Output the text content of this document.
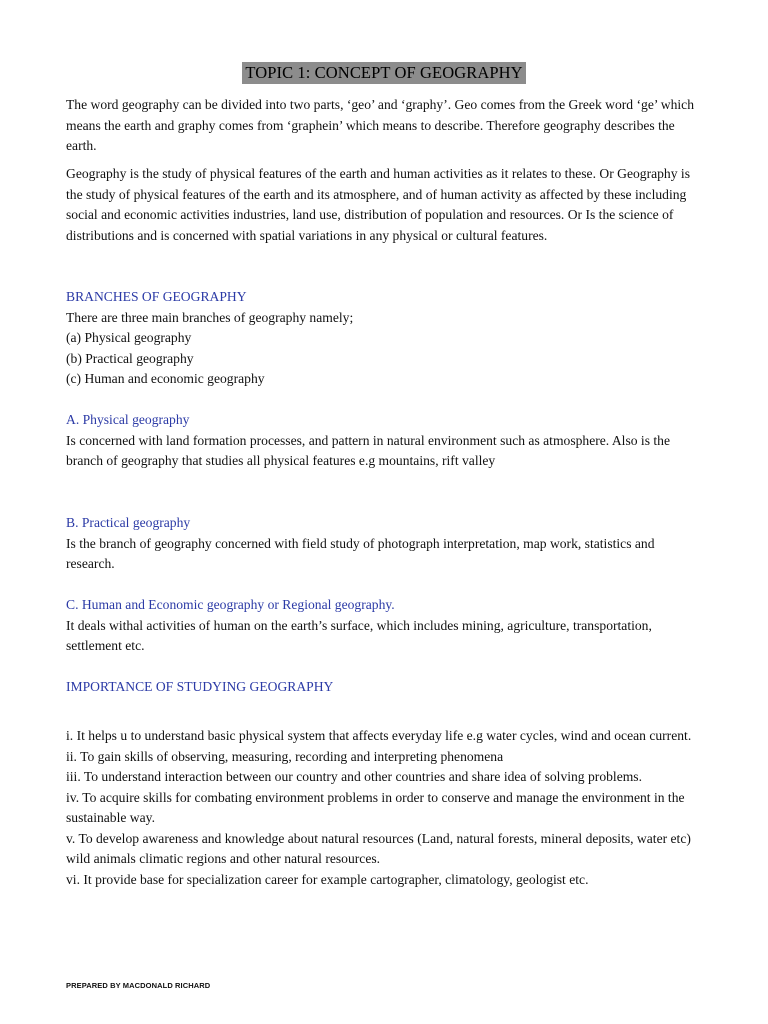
TOPIC 1: CONCEPT OF GEOGRAPHY

The word geography can be divided into two parts, ‘geo’ and ‘graphy’. Geo comes from the Greek word ‘ge’ which means the earth and graphy comes from ‘graphein’ which means to describe. Therefore geography describes the earth.

Geography is the study of physical features of the earth and human activities as it relates to these. Or Geography is the study of physical features of the earth and its atmosphere, and of human activity as affected by these including social and economic activities industries, land use, distribution of population and resources. Or Is the science of distributions and is concerned with spatial variations in any physical or cultural features.

BRANCHES OF GEOGRAPHY

There are three main branches of geography namely;

(a) Physical geography

(b) Practical geography

(c) Human and economic geography

A. Physical geography

Is concerned with land formation processes, and pattern in natural environment such as atmosphere. Also is the branch of geography that studies all physical features e.g mountains, rift valley

B. Practical geography

Is the branch of geography concerned with field study of photograph interpretation, map work, statistics and research.

C. Human and Economic geography or Regional geography.

It deals withal activities of human on the earth’s surface, which includes mining, agriculture, transportation, settlement etc.

IMPORTANCE OF STUDYING GEOGRAPHY

i. It helps u to understand basic physical system that affects everyday life e.g water cycles, wind and ocean current.

ii. To gain skills of observing, measuring, recording and interpreting phenomena

iii. To understand interaction between our country and other countries and share idea of solving problems.

iv. To acquire skills for combating environment problems in order to conserve and manage the environment in the sustainable way.

v. To develop awareness and knowledge about natural resources (Land, natural forests, mineral deposits, water etc) wild animals climatic regions and other natural resources.

vi. It provide base for specialization career for example cartographer, climatology, geologist etc.

PREPARED BY MACDONALD RICHARD
